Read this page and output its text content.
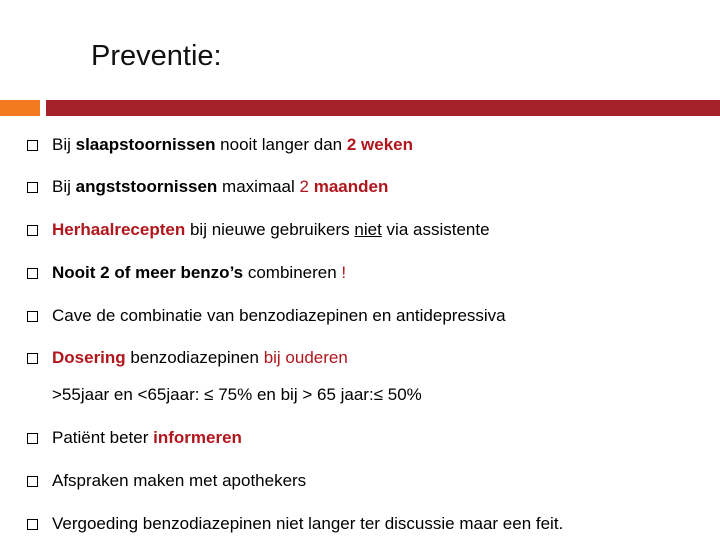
Preventie:
Bij slaapstoornissen nooit langer dan 2 weken
Bij angststoornissen maximaal 2 maanden
Herhaalrecepten bij nieuwe gebruikers niet via assistente
Nooit 2 of meer benzo’s combineren !
Cave de combinatie van benzodiazepinen en antidepressiva
Dosering benzodiazepinen bij ouderen
Patiënt beter informeren
Afspraken maken met apothekers
Vergoeding benzodiazepinen niet langer ter discussie maar een feit.
>55jaar en <65jaar: ≤ 75% en bij > 65 jaar:≤ 50%
